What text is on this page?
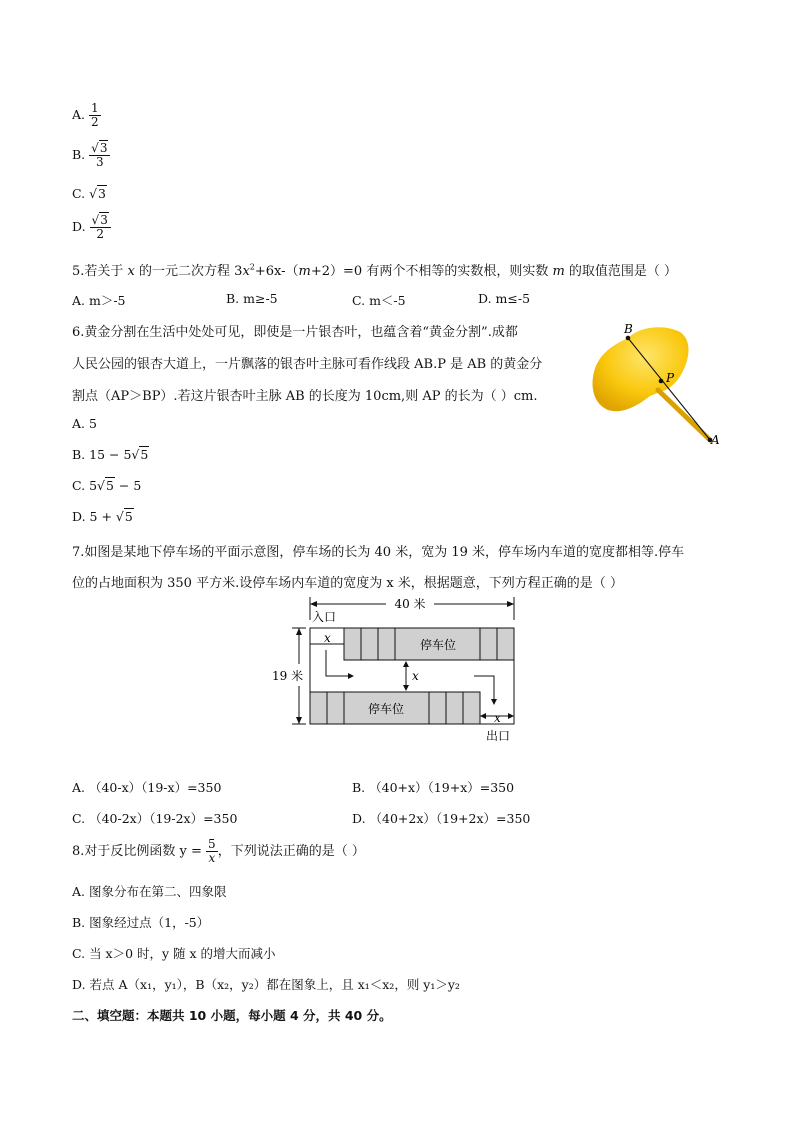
A. $\frac{1}{2}$
B. $\frac{√3}{3}$
C. √3
D. $\frac{√3}{2}$
5.若关于 x 的一元二次方程 $3x^2+6x-(m+2)=0$ 有两个不相等的实数根，则实数 m 的取值范围是（ ）
A. m＞-5	B. m≥-5	C. m＜-5	D. m≤-5
6.黄金分割在生活中处处可见，即使是一片银杏叶，也蕴含着“黄金分割”.成都
人民公园的银杏大道上，一片飘落的银杏叶主脉可看作线段 AB.P 是 AB 的黄金分
割点（AP＞BP）.若这片银杏叶主脉 AB 的长度为 10cm,则 AP 的长为（ ）cm.
A. 5
B. 15 − 5√5
C. 5√5 − 5
D. 5 + √5
B
P
A
7.如图是某地下停车场的平面示意图，停车场的长为 40 米，宽为 19 米，停车场内车道的宽度都相等.停车
位的占地面积为 350 平方米.设停车场内车道的宽度为 x 米，根据题意，下列方程正确的是（ ）
40 米
入口
19 米
停车位
停车位
x
x
x
出口
A. （40-x）（19-x）=350	B. （40+x）（19+x）=350
C. （40-2x）（19-2x）=350	D. （40+2x）（19+2x）=350
8.对于反比例函数 $y = \frac{5}{x}$ ，下列说法正确的是（ ）
A. 图象分布在第二、四象限
B. 图象经过点（1，-5）
C. 当 x＞0 时，y 随 x 的增大而减小
D. 若点 A（x₁，y₁），B（x₂，y₂）都在图象上，且 x₁＜x₂，则 y₁＞y₂
二、填空题：本题共 10 小题，每小题 4 分，共 40 分。
